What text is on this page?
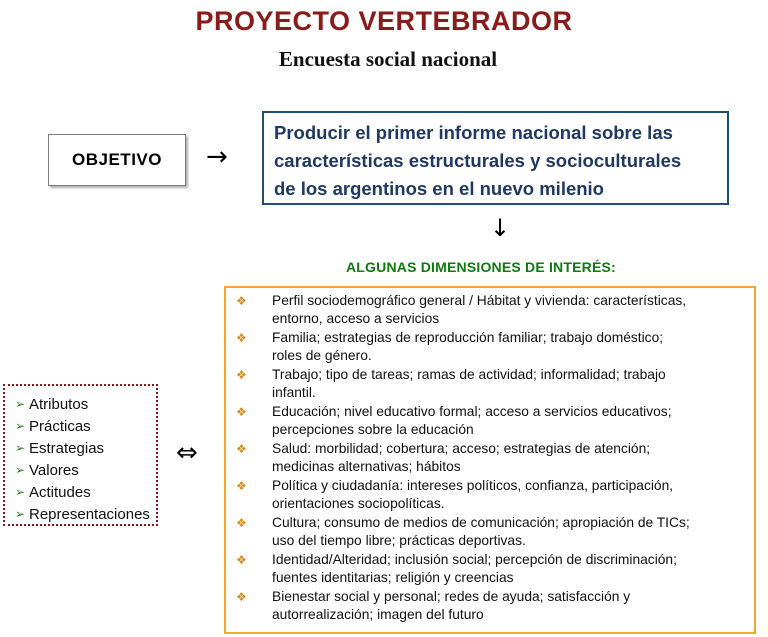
PROYECTO VERTEBRADOR
Encuesta social nacional
OBJETIVO →
Producir el primer informe nacional sobre las
características estructurales y socioculturales
de los argentinos en el nuevo milenio
↓
ALGUNAS DIMENSIONES DE INTERÉS:
❖	Perfil sociodemográfico general / Hábitat y vivienda: características,
entorno, acceso a servicios
❖	Familia; estrategias de reproducción familiar; trabajo doméstico;
roles de género.
❖	Trabajo; tipo de tareas; ramas de actividad; informalidad; trabajo
infantil.
❖	Educación; nivel educativo formal; acceso a servicios educativos;
percepciones sobre la educación
❖	Salud: morbilidad; cobertura; acceso; estrategias de atención;
medicinas alternativas; hábitos
❖	Política y ciudadanía: intereses políticos, confianza, participación,
orientaciones sociopolíticas.
❖	Cultura; consumo de medios de comunicación; apropiación de TICs;
uso del tiempo libre; prácticas deportivas.
❖	Identidad/Alteridad; inclusión social; percepción de discriminación;
fuentes identitarias; religión y creencias
❖	Bienestar social y personal; redes de ayuda; satisfacción y
autorrealización; imagen del futuro
➢ Atributos
➢ Prácticas
➢ Estrategias
➢ Valores
➢ Actitudes
➢ Representaciones
⇔
